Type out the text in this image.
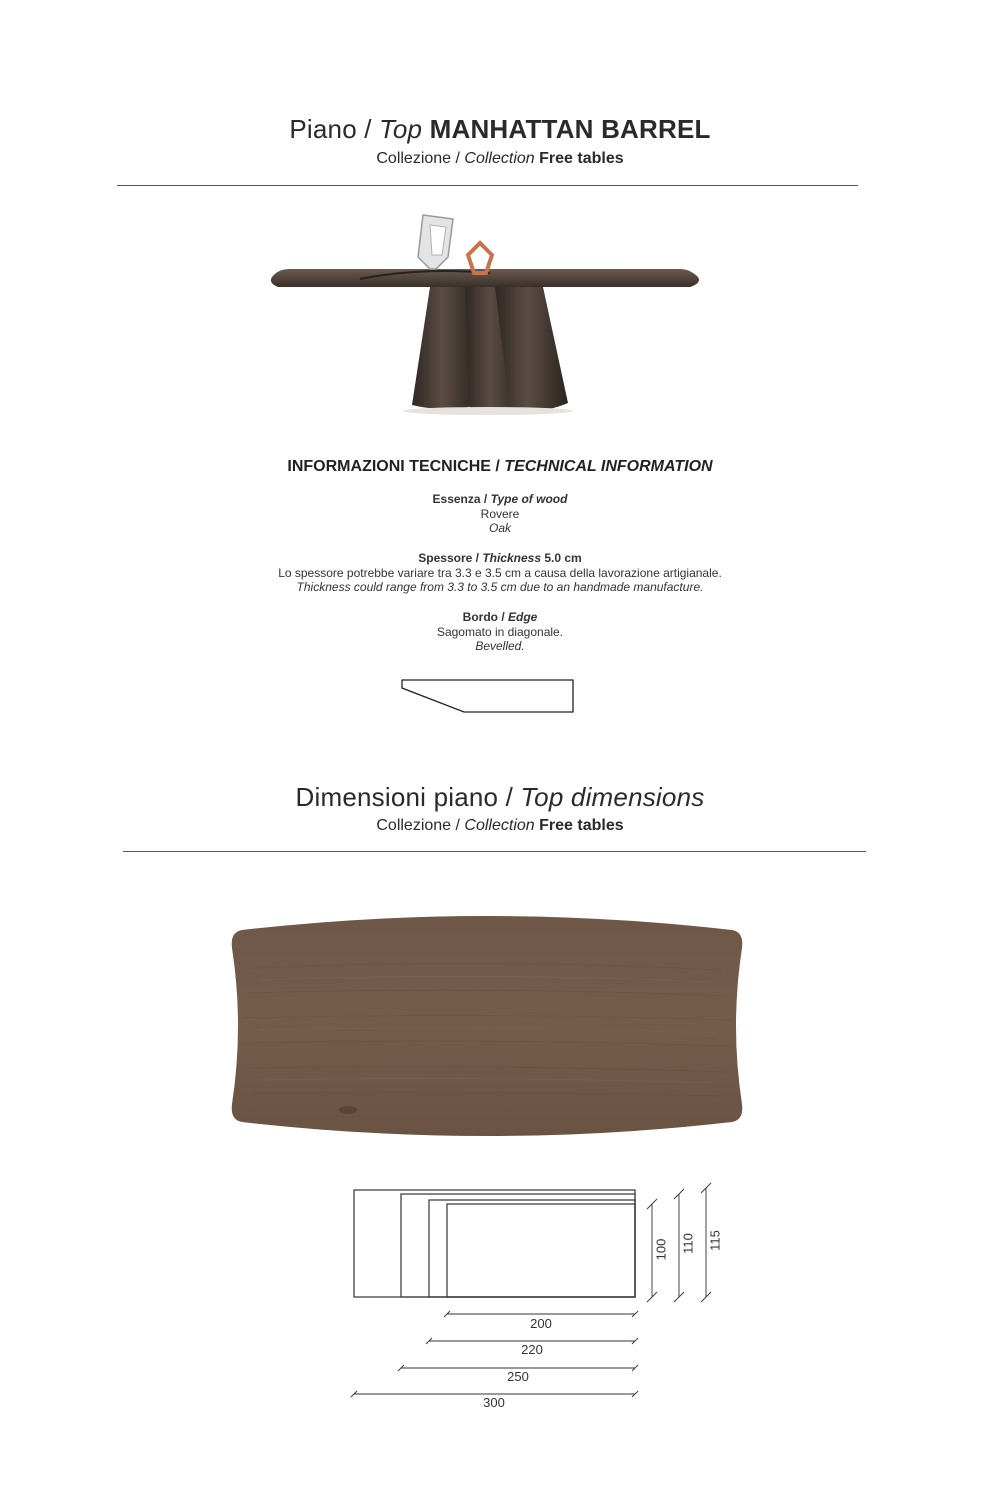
Piano / Top MANHATTAN BARREL
Collezione / Collection Free tables
INFORMAZIONI TECNICHE / TECHNICAL INFORMATION
Essenza / Type of wood
Rovere
Oak
Spessore / Thickness 5.0 cm
Lo spessore potrebbe variare tra 3.3 e 3.5 cm a causa della lavorazione artigianale.
Thickness could range from 3.3 to 3.5 cm due to an handmade manufacture.
Bordo / Edge
Sagomato in diagonale.
Bevelled.
Dimensioni piano / Top dimensions
Collezione / Collection Free tables
200
220
250
300
100 110 115
